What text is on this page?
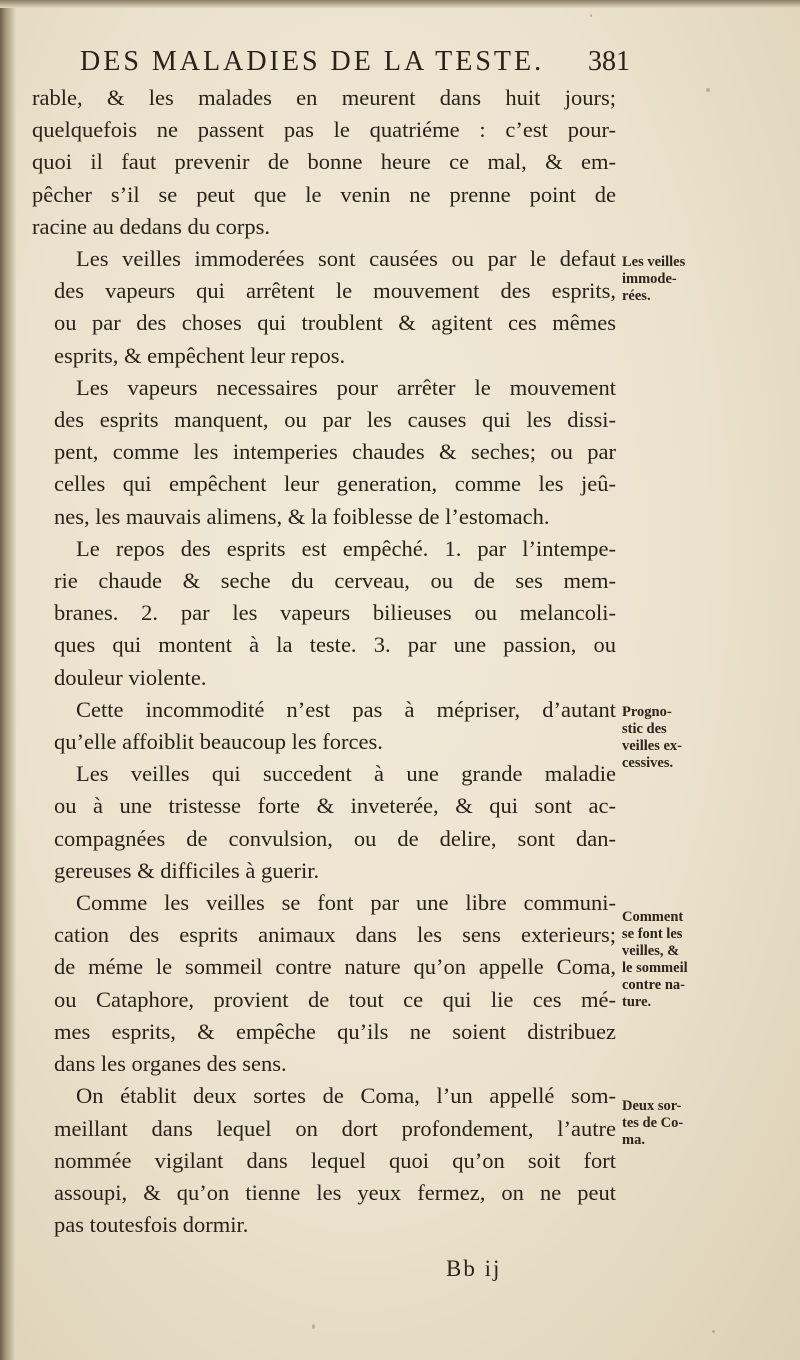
DES MALADIES DE LA TESTE. 381
rable, & les malades en meurent dans huit jours;
quelquefois ne passent pas le quatriéme : c’est pour-
quoi il faut prevenir de bonne heure ce mal, & em-
pêcher s’il se peut que le venin ne prenne point de
racine au dedans du corps.
Les veilles immoderées sont causées ou par le defaut
des vapeurs qui arrêtent le mouvement des esprits,
ou par des choses qui troublent & agitent ces mêmes
esprits, & empêchent leur repos.
Les vapeurs necessaires pour arrêter le mouvement
des esprits manquent, ou par les causes qui les dissi-
pent, comme les intemperies chaudes & seches; ou par
celles qui empêchent leur generation, comme les jeû-
nes, les mauvais alimens, & la foiblesse de l’estomach.
Le repos des esprits est empêché. 1. par l’intempe-
rie chaude & seche du cerveau, ou de ses mem-
branes. 2. par les vapeurs bilieuses ou melancoli-
ques qui montent à la teste. 3. par une passion, ou
douleur violente.
Cette incommodité n’est pas à mépriser, d’autant
qu’elle affoiblit beaucoup les forces.
Les veilles qui succedent à une grande maladie
ou à une tristesse forte & inveterée, & qui sont ac-
compagnées de convulsion, ou de delire, sont dan-
gereuses & difficiles à guerir.
Comme les veilles se font par une libre communi-
cation des esprits animaux dans les sens exterieurs;
de méme le sommeil contre nature qu’on appelle Coma,
ou Cataphore, provient de tout ce qui lie ces mé-
mes esprits, & empêche qu’ils ne soient distribuez
dans les organes des sens.
On établit deux sortes de Coma, l’un appellé som-
meillant dans lequel on dort profondement, l’autre
nommée vigilant dans lequel quoi qu’on soit fort
assoupi, & qu’on tienne les yeux fermez, on ne peut
pas toutesfois dormir.
Les veilles
immode-
rées.
Progno-
stic des
veilles ex-
cessives.
Comment
se font les
veilles, &
le sommeil
contre na-
ture.
Deux sor-
tes de Co-
ma.
Bb ij
